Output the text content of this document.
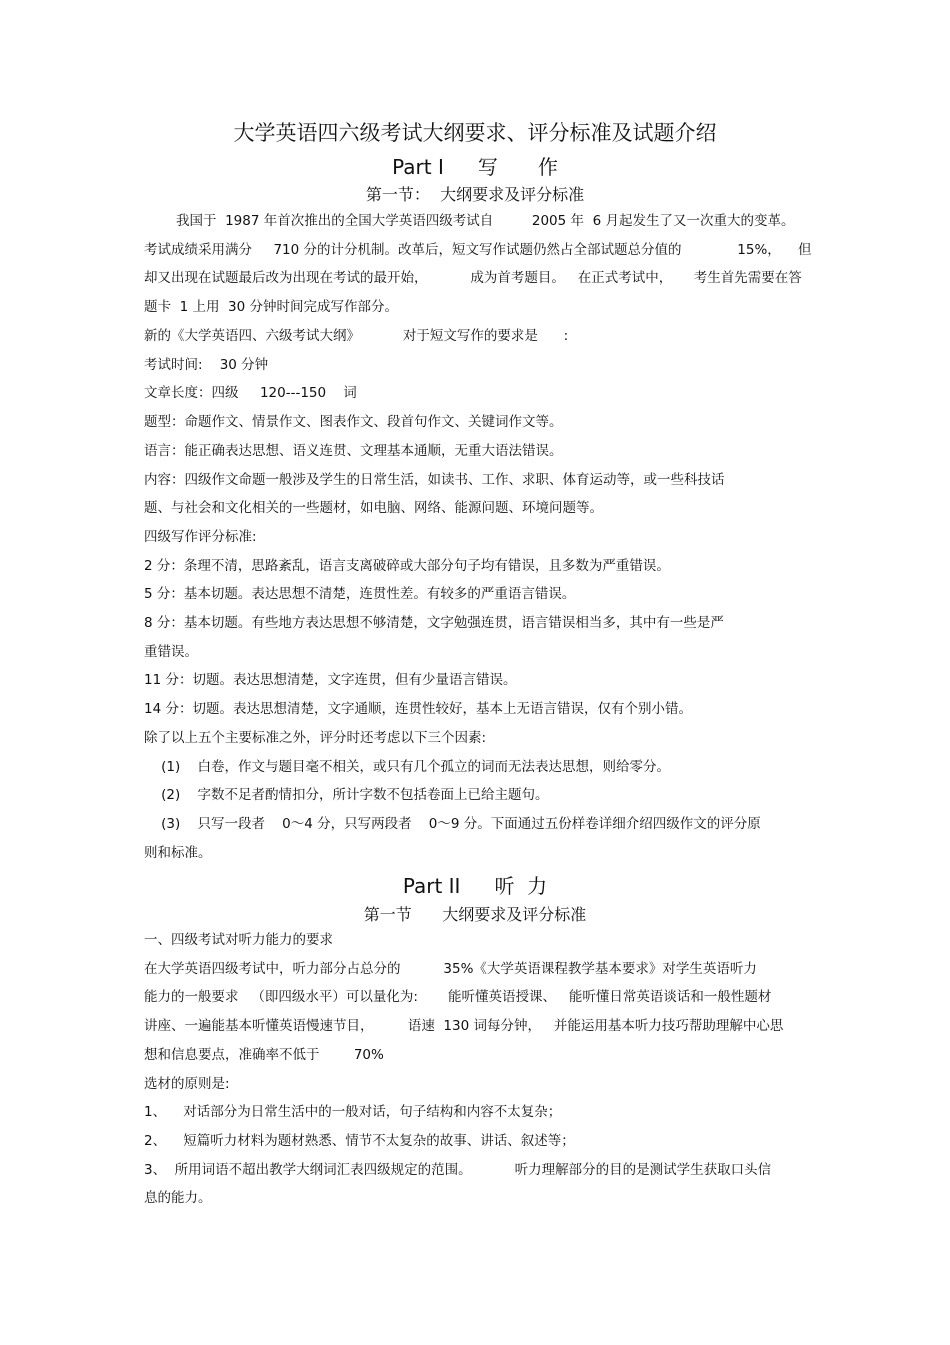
大学英语四六级考试大纲要求、评分标准及试题介绍
Part I 写　　作
第一节：  大纲要求及评分标准
我国于  1987 年首次推出的全国大学英语四级考试自         2005 年  6 月起发生了又一次重大的变革。
考试成绩采用满分     710 分的计分机制。改革后，短文写作试题仍然占全部试题总分值的             15%，    但
却又出现在试题最后改为出现在考试的最开始，          成为首考题目。   在正式考试中，     考生首先需要在答
题卡  1 上用  30 分钟时间完成写作部分。
新的《大学英语四、六级考试大纲》          对于短文写作的要求是      :
考试时间:    30 分钟
文章长度：四级     120---150    词
题型：命题作文、情景作文、图表作文、段首句作文、关键词作文等。
语言：能正确表达思想、语义连贯、文理基本通顺，无重大语法错误。
内容：四级作文命题一般涉及学生的日常生活，如读书、工作、求职、体育运动等，或一些科技话
题、与社会和文化相关的一些题材，如电脑、网络、能源问题、环境问题等。
四级写作评分标准:
2 分：条理不清，思路紊乱，语言支离破碎或大部分句子均有错误，且多数为严重错误。
5 分：基本切题。表达思想不清楚，连贯性差。有较多的严重语言错误。
8 分：基本切题。有些地方表达思想不够清楚，文字勉强连贯，语言错误相当多，其中有一些是严
重错误。
11 分：切题。表达思想清楚，文字连贯，但有少量语言错误。
14 分：切题。表达思想清楚，文字通顺，连贯性较好，基本上无语言错误，仅有个别小错。
除了以上五个主要标准之外，评分时还考虑以下三个因素:
(1)    白卷，作文与题目毫不相关，或只有几个孤立的词而无法表达思想，则给零分。
(2)    字数不足者酌情扣分，所计字数不包括卷面上已给主题句。
(3)    只写一段者    0～4 分，只写两段者    0～9 分。下面通过五份样卷详细介绍四级作文的评分原
则和标准。
一、四级考试对听力能力的要求
在大学英语四级考试中，听力部分占总分的          35%《大学英语课程教学基本要求》对学生英语听力
能力的一般要求   （即四级水平）可以量化为:       能听懂英语授课、   能听懂日常英语谈话和一般性题材
讲座、一遍能基本听懂英语慢速节目，        语速  130 词每分钟，   并能运用基本听力技巧帮助理解中心思
想和信息要点，准确率不低于        70%
选材的原则是:
1、    对话部分为日常生活中的一般对话，句子结构和内容不太复杂；
2、    短篇听力材料为题材熟悉、情节不太复杂的故事、讲话、叙述等；
3、  所用词语不超出教学大纲词汇表四级规定的范围。          听力理解部分的目的是测试学生获取口头信
息的能力。
Part II 听  力
第一节      大纲要求及评分标准
